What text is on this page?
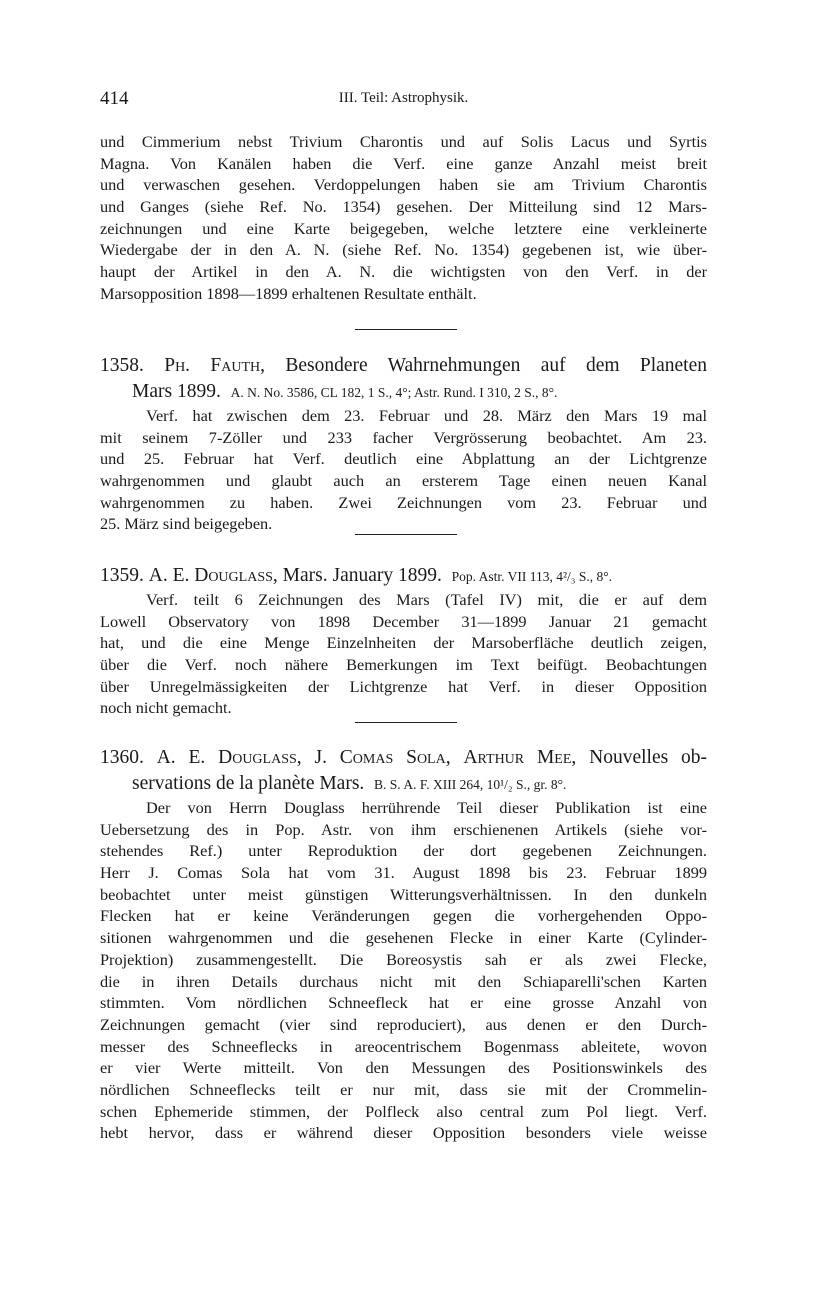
414	III. Teil: Astrophysik.
und Cimmerium nebst Trivium Charontis und auf Solis Lacus und Syrtis
Magna. Von Kanälen haben die Verf. eine ganze Anzahl meist breit
und verwaschen gesehen. Verdoppelungen haben sie am Trivium Charontis
und Ganges (siehe Ref. No. 1354) gesehen. Der Mitteilung sind 12 Mars-
zeichnungen und eine Karte beigegeben, welche letztere eine verkleinerte
Wiedergabe der in den A. N. (siehe Ref. No. 1354) gegebenen ist, wie über-
haupt der Artikel in den A. N. die wichtigsten von den Verf. in der
Marsopposition 1898—1899 erhaltenen Resultate enthält.
1358. Ph. Fauth, Besondere Wahrnehmungen auf dem Planeten
Mars 1899. A. N. No. 3586, CL 182, 1 S., 4°; Astr. Rund. I 310, 2 S., 8°.
Verf. hat zwischen dem 23. Februar und 28. März den Mars 19 mal
mit seinem 7-Zöller und 233 facher Vergrösserung beobachtet. Am 23.
und 25. Februar hat Verf. deutlich eine Abplattung an der Lichtgrenze
wahrgenommen und glaubt auch an ersterem Tage einen neuen Kanal
wahrgenommen zu haben. Zwei Zeichnungen vom 23. Februar und
25. März sind beigegeben.
1359. A. E. Douglass, Mars. January 1899. Pop. Astr. VII 113, 4²/₃ S., 8°.
Verf. teilt 6 Zeichnungen des Mars (Tafel IV) mit, die er auf dem
Lowell Observatory von 1898 December 31—1899 Januar 21 gemacht
hat, und die eine Menge Einzelnheiten der Marsoberfläche deutlich zeigen,
über die Verf. noch nähere Bemerkungen im Text beifügt. Beobachtungen
über Unregelmässigkeiten der Lichtgrenze hat Verf. in dieser Opposition
noch nicht gemacht.
1360. A. E. Douglass, J. Comas Sola, Arthur Mee, Nouvelles ob-
servations de la planète Mars. B. S. A. F. XIII 264, 10¹/₂ S., gr. 8°.
Der von Herrn Douglass herrührende Teil dieser Publikation ist eine
Uebersetzung des in Pop. Astr. von ihm erschienenen Artikels (siehe vor-
stehendes Ref.) unter Reproduktion der dort gegebenen Zeichnungen.
Herr J. Comas Sola hat vom 31. August 1898 bis 23. Februar 1899
beobachtet unter meist günstigen Witterungsverhältnissen. In den dunkeln
Flecken hat er keine Veränderungen gegen die vorhergehenden Oppo-
sitionen wahrgenommen und die gesehenen Flecke in einer Karte (Cylinder-
Projektion) zusammengestellt. Die Boreosystis sah er als zwei Flecke,
die in ihren Details durchaus nicht mit den Schiaparelli'schen Karten
stimmten. Vom nördlichen Schneefleck hat er eine grosse Anzahl von
Zeichnungen gemacht (vier sind reproduciert), aus denen er den Durch-
messer des Schneeflecks in areocentrischem Bogenmass ableitete, wovon
er vier Werte mitteilt. Von den Messungen des Positionswinkels des
nördlichen Schneeflecks teilt er nur mit, dass sie mit der Crommelin-
schen Ephemeride stimmen, der Polfleck also central zum Pol liegt. Verf.
hebt hervor, dass er während dieser Opposition besonders viele weisse
